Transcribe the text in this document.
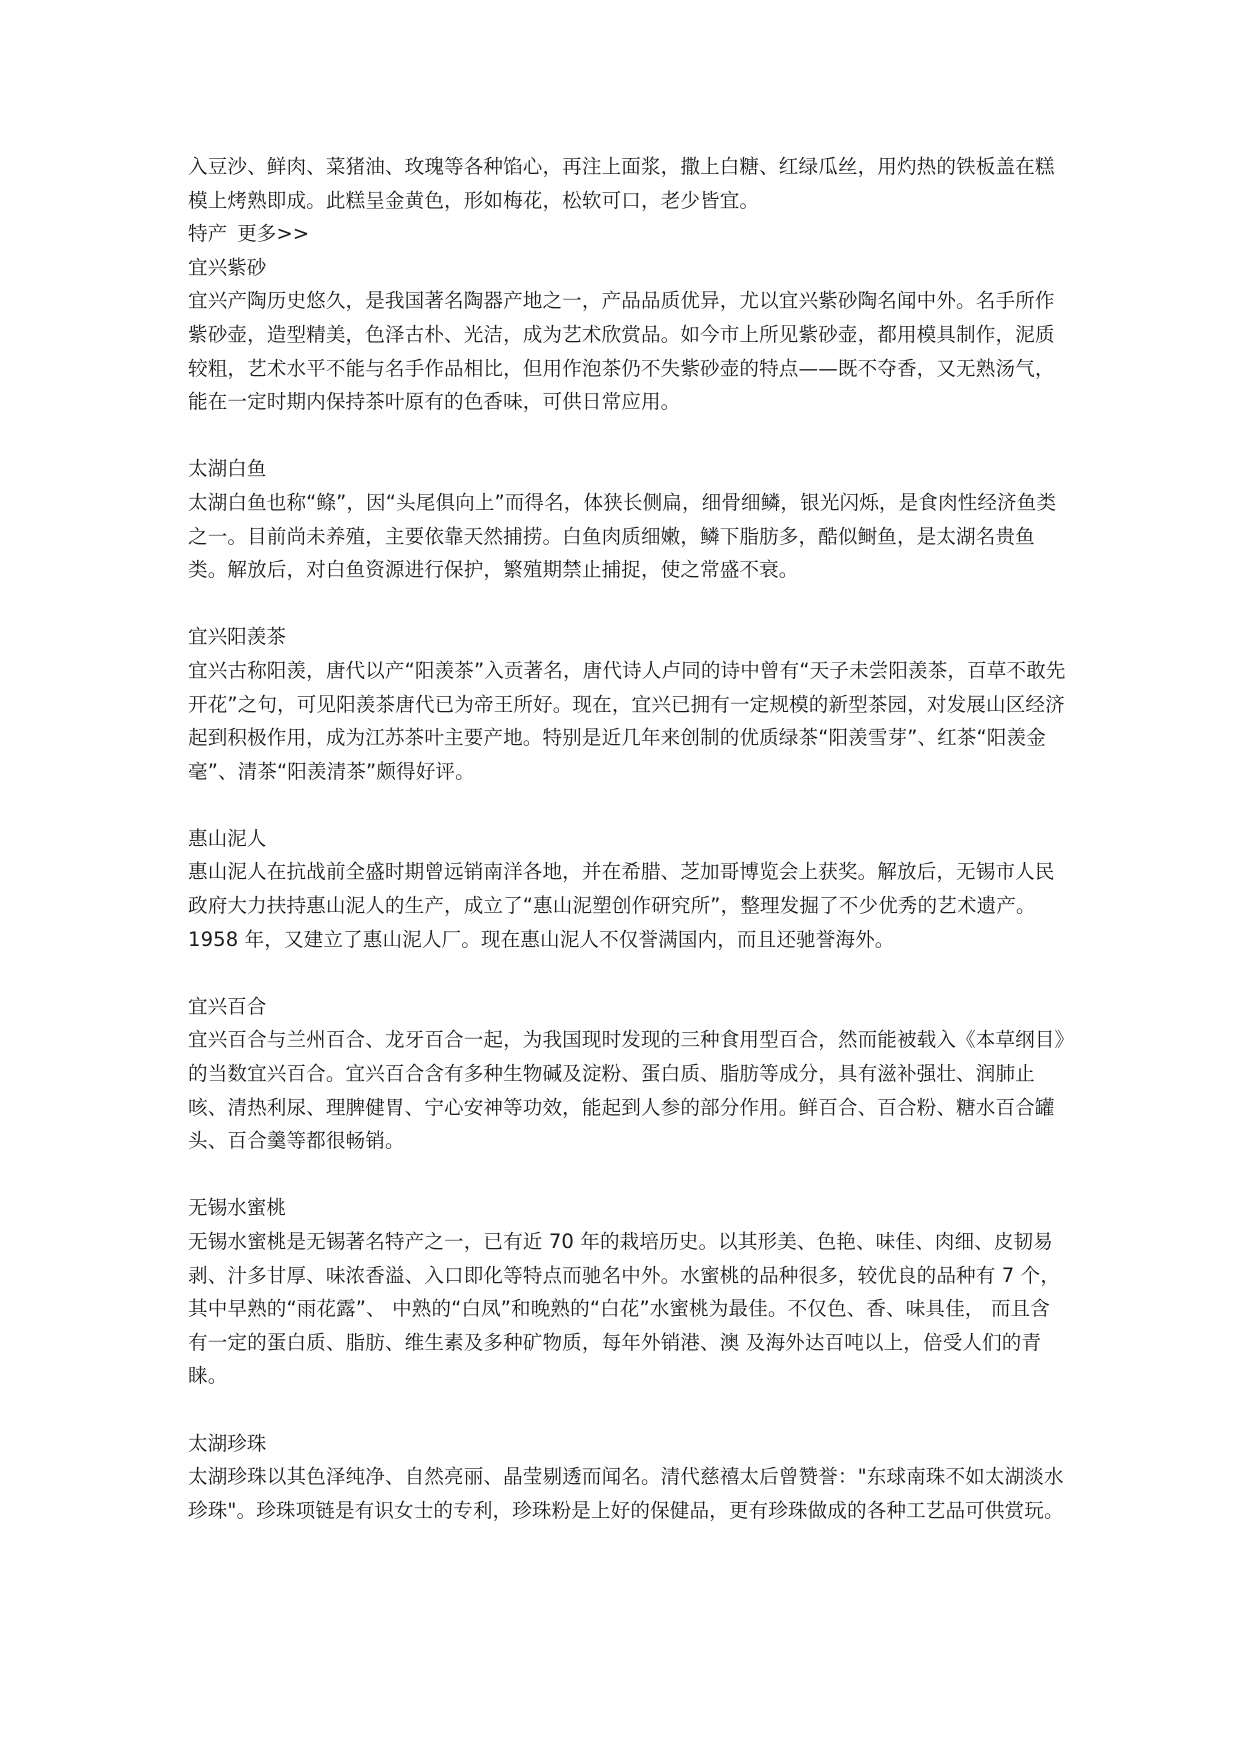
入豆沙、鲜肉、菜猪油、玫瑰等各种馅心，再注上面浆，撒上白糖、红绿瓜丝，用灼热的铁板盖在糕模上烤熟即成。此糕呈金黄色，形如梅花，松软可口，老少皆宜。

特产 更多>>

宜兴紫砂

宜兴产陶历史悠久，是我国著名陶器产地之一，产品品质优异，尤以宜兴紫砂陶名闻中外。名手所作紫砂壶，造型精美，色泽古朴、光洁，成为艺术欣赏品。如今市上所见紫砂壶，都用模具制作，泥质较粗，艺术水平不能与名手作品相比，但用作泡茶仍不失紫砂壶的特点——既不夺香，又无熟汤气，能在一定时期内保持茶叶原有的色香味，可供日常应用。

太湖白鱼

太湖白鱼也称“鲦”，因“头尾俱向上”而得名，体狭长侧扁，细骨细鳞，银光闪烁，是食肉性经济鱼类之一。目前尚未养殖，主要依靠天然捕捞。白鱼肉质细嫩，鳞下脂肪多，酷似鲥鱼，是太湖名贵鱼类。解放后，对白鱼资源进行保护，繁殖期禁止捕捉，使之常盛不衰。

宜兴阳羡茶

宜兴古称阳羡，唐代以产“阳羡茶”入贡著名，唐代诗人卢同的诗中曾有“天子未尝阳羡茶，百草不敢先开花”之句，可见阳羡茶唐代已为帝王所好。现在，宜兴已拥有一定规模的新型茶园，对发展山区经济起到积极作用，成为江苏茶叶主要产地。特别是近几年来创制的优质绿茶“阳羡雪芽”、红茶“阳羡金毫”、清茶“阳羡清茶”颇得好评。

惠山泥人

惠山泥人在抗战前全盛时期曾远销南洋各地，并在希腊、芝加哥博览会上获奖。解放后，无锡市人民政府大力扶持惠山泥人的生产，成立了“惠山泥塑创作研究所”，整理发掘了不少优秀的艺术遗产。1958 年，又建立了惠山泥人厂。现在惠山泥人不仅誉满国内，而且还驰誉海外。

宜兴百合

宜兴百合与兰州百合、龙牙百合一起，为我国现时发现的三种食用型百合，然而能被载入《本草纲目》的当数宜兴百合。宜兴百合含有多种生物碱及淀粉、蛋白质、脂肪等成分，具有滋补强壮、润肺止咳、清热利尿、理脾健胃、宁心安神等功效，能起到人参的部分作用。鲜百合、百合粉、糖水百合罐头、百合羹等都很畅销。

无锡水蜜桃

无锡水蜜桃是无锡著名特产之一，已有近 70 年的栽培历史。以其形美、色艳、味佳、肉细、皮韧易剥、汁多甘厚、味浓香溢、入口即化等特点而驰名中外。水蜜桃的品种很多，较优良的品种有 7 个，其中早熟的“雨花露”、 中熟的“白凤”和晚熟的“白花”水蜜桃为最佳。不仅色、香、味具佳， 而且含有一定的蛋白质、脂肪、维生素及多种矿物质，每年外销港、澳 及海外达百吨以上，倍受人们的青睐。

太湖珍珠

太湖珍珠以其色泽纯净、自然亮丽、晶莹剔透而闻名。清代慈禧太后曾赞誉："东球南珠不如太湖淡水珍珠"。珍珠项链是有识女士的专利，珍珠粉是上好的保健品，更有珍珠做成的各种工艺品可供赏玩。
